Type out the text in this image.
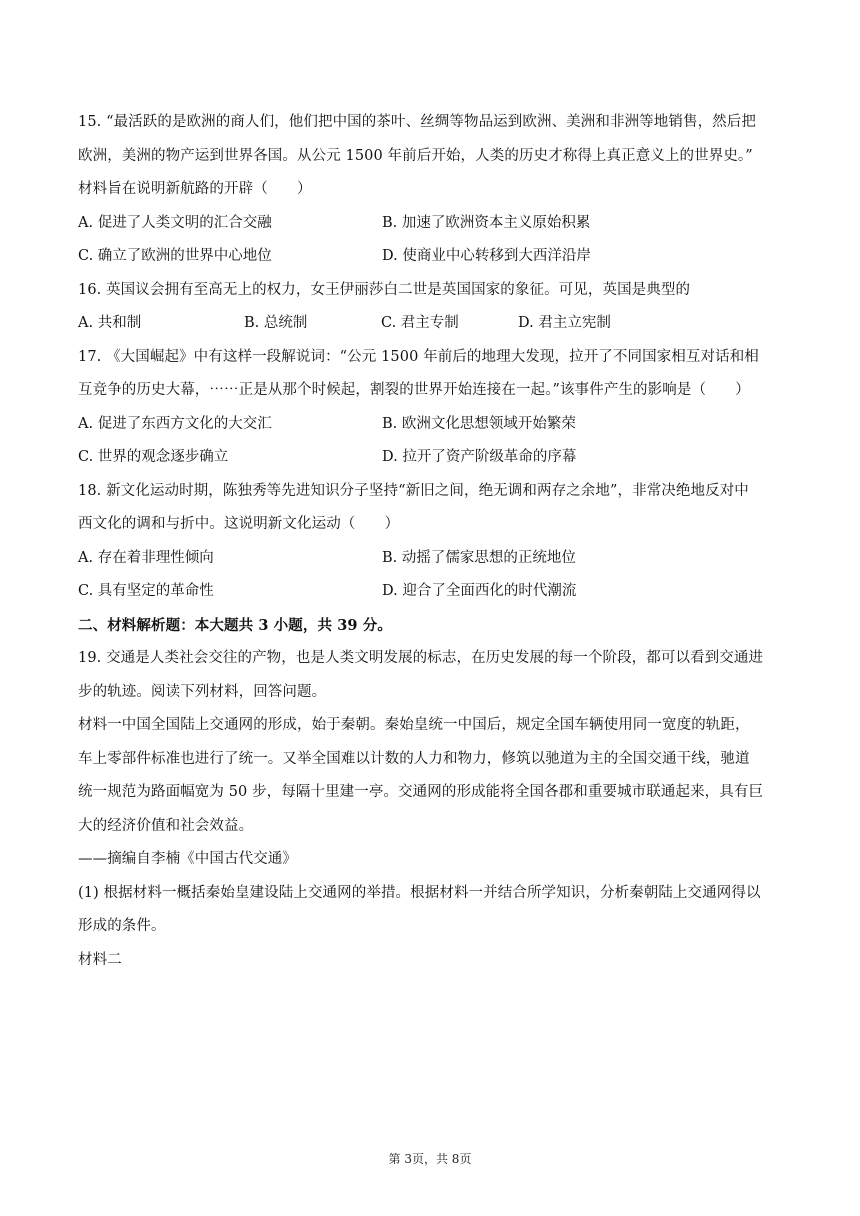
15. “最活跃的是欧洲的商人们，他们把中国的茶叶、丝绸等物品运到欧洲、美洲和非洲等地销售，然后把

欧洲，美洲的物产运到世界各国。从公元 1500 年前后开始，人类的历史才称得上真正意义上的世界史。”

材料旨在说明新航路的开辟（　　）

A. 促进了人类文明的汇合交融	B. 加速了欧洲资本主义原始积累
C. 确立了欧洲的世界中心地位	D. 使商业中心转移到大西洋沿岸

16. 英国议会拥有至高无上的权力，女王伊丽莎白二世是英国国家的象征。可见，英国是典型的

A. 共和制	B. 总统制	C. 君主专制	D. 君主立宪制

17. 《大国崛起》中有这样一段解说词：“公元 1500 年前后的地理大发现，拉开了不同国家相互对话和相

互竞争的历史大幕，⋯⋯正是从那个时候起，割裂的世界开始连接在一起。”该事件产生的影响是（　　）

A. 促进了东西方文化的大交汇	B. 欧洲文化思想领域开始繁荣
C. 世界的观念逐步确立	D. 拉开了资产阶级革命的序幕

18. 新文化运动时期，陈独秀等先进知识分子坚持“新旧之间，绝无调和两存之余地”，非常决绝地反对中

西文化的调和与折中。这说明新文化运动（　　）

A. 存在着非理性倾向	B. 动摇了儒家思想的正统地位
C. 具有坚定的革命性	D. 迎合了全面西化的时代潮流

二、材料解析题：本大题共 3 小题，共 39 分。

19. 交通是人类社会交往的产物，也是人类文明发展的标志，在历史发展的每一个阶段，都可以看到交通进

步的轨迹。阅读下列材料，回答问题。

材料一中国全国陆上交通网的形成，始于秦朝。秦始皇统一中国后，规定全国车辆使用同一宽度的轨距，

车上零部件标准也进行了统一。又举全国难以计数的人力和物力，修筑以驰道为主的全国交通干线，驰道

统一规范为路面幅宽为 50 步，每隔十里建一亭。交通网的形成能将全国各郡和重要城市联通起来，具有巨

大的经济价值和社会效益。

——摘编自李楠《中国古代交通》

(1) 根据材料一概括秦始皇建设陆上交通网的举措。根据材料一并结合所学知识，分析秦朝陆上交通网得以

形成的条件。

材料二

第 3页，共 8页
